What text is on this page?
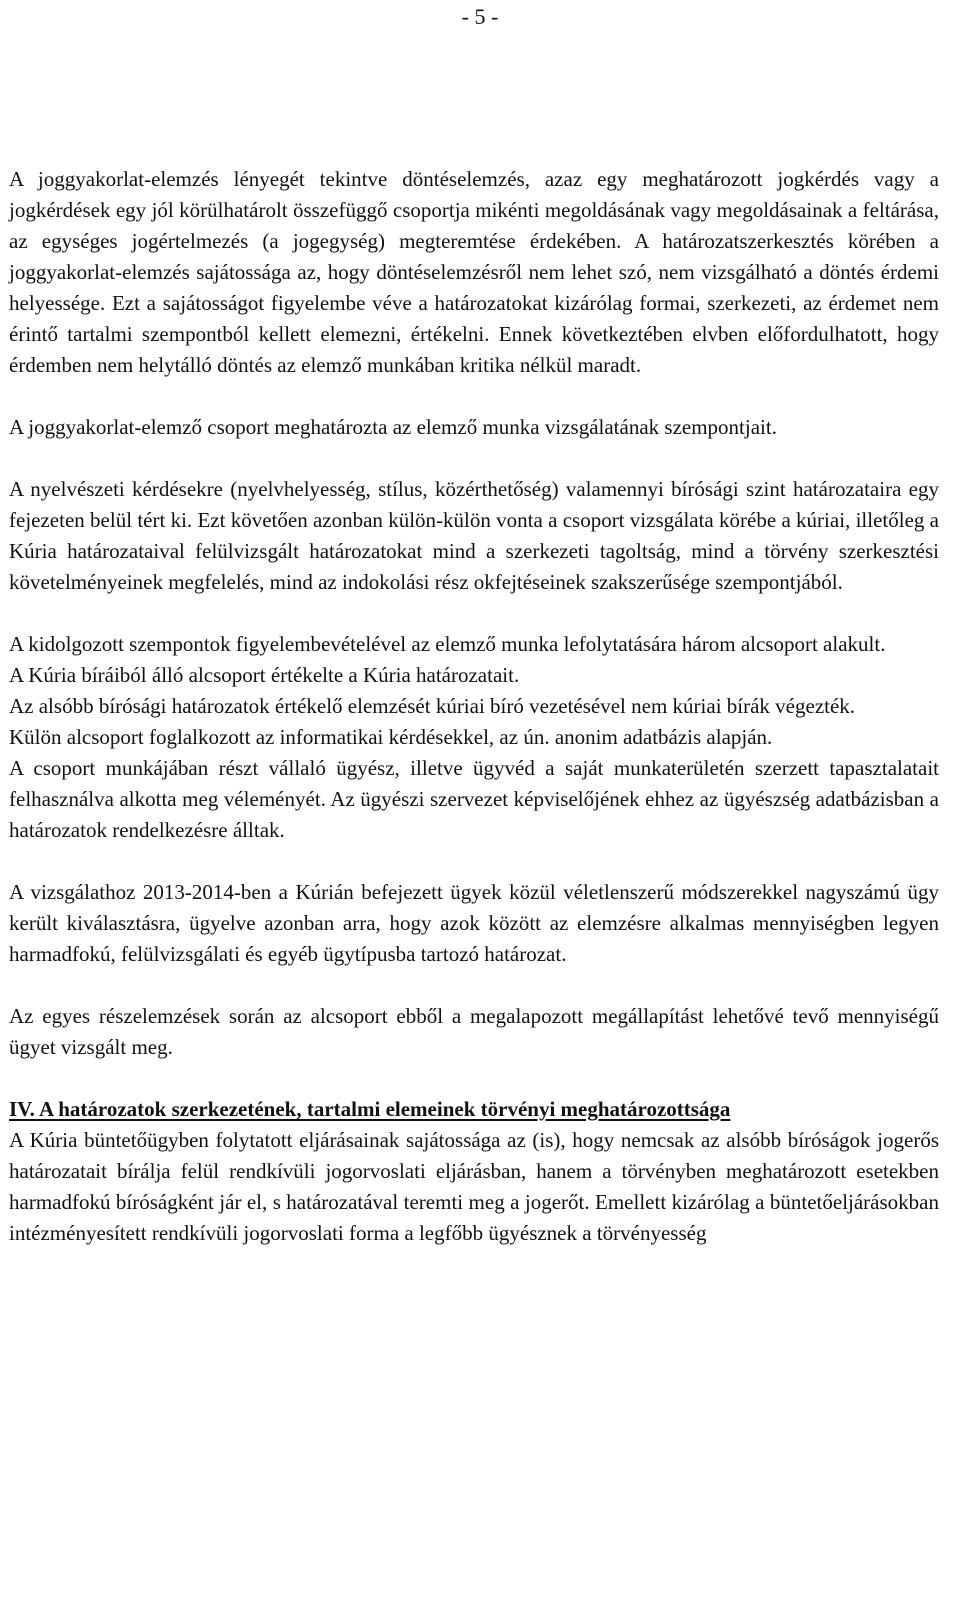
- 5 -

A joggyakorlat-elemzés lényegét tekintve döntéselemzés, azaz egy meghatározott jogkérdés vagy a jogkérdések egy jól körülhatárolt összefüggő csoportja mikénti megoldásának vagy megoldásainak a feltárása, az egységes jogértelmezés (a jogegység) megteremtése érdekében. A határozatszerkesztés körében a joggyakorlat-elemzés sajátossága az, hogy döntéselemzésről nem lehet szó, nem vizsgálható a döntés érdemi helyessége. Ezt a sajátosságot figyelembe véve a határozatokat kizárólag formai, szerkezeti, az érdemet nem érintő tartalmi szempontból kellett elemezni, értékelni. Ennek következtében elvben előfordulhatott, hogy érdemben nem helytálló döntés az elemző munkában kritika nélkül maradt.

A joggyakorlat-elemző csoport meghatározta az elemző munka vizsgálatának szempontjait.

A nyelvészeti kérdésekre (nyelvhelyesség, stílus, közérthetőség) valamennyi bírósági szint határozataira egy fejezeten belül tért ki. Ezt követően azonban külön-külön vonta a csoport vizsgálata körébe a kúriai, illetőleg a Kúria határozataival felülvizsgált határozatokat mind a szerkezeti tagoltság, mind a törvény szerkesztési követelményeinek megfelelés, mind az indokolási rész okfejtéseinek szakszerűsége szempontjából.

A kidolgozott szempontok figyelembevételével az elemző munka lefolytatására három alcsoport alakult.

A Kúria bíráiból álló alcsoport értékelte a Kúria határozatait.

Az alsóbb bírósági határozatok értékelő elemzését kúriai bíró vezetésével nem kúriai bírák végezték.

Külön alcsoport foglalkozott az informatikai kérdésekkel, az ún. anonim adatbázis alapján.

A csoport munkájában részt vállaló ügyész, illetve ügyvéd a saját munkaterületén szerzett tapasztalatait felhasználva alkotta meg véleményét. Az ügyészi szervezet képviselőjének ehhez az ügyészség adatbázisban a határozatok rendelkezésre álltak.

A vizsgálathoz 2013-2014-ben a Kúrián befejezett ügyek közül véletlenszerű módszerekkel nagyszámú ügy került kiválasztásra, ügyelve azonban arra, hogy azok között az elemzésre alkalmas mennyiségben legyen harmadfokú, felülvizsgálati és egyéb ügytípusba tartozó határozat.

Az egyes részelemzések során az alcsoport ebből a megalapozott megállapítást lehetővé tevő mennyiségű ügyet vizsgált meg.

IV. A határozatok szerkezetének, tartalmi elemeinek törvényi meghatározottsága

A Kúria büntetőügyben folytatott eljárásainak sajátossága az (is), hogy nemcsak az alsóbb bíróságok jogerős határozatait bírálja felül rendkívüli jogorvoslati eljárásban, hanem a törvényben meghatározott esetekben harmadfokú bíróságként jár el, s határozatával teremti meg a jogerőt. Emellett kizárólag a büntetőeljárásokban intézményesített rendkívüli jogorvoslati forma a legfőbb ügyésznek a törvényesség
